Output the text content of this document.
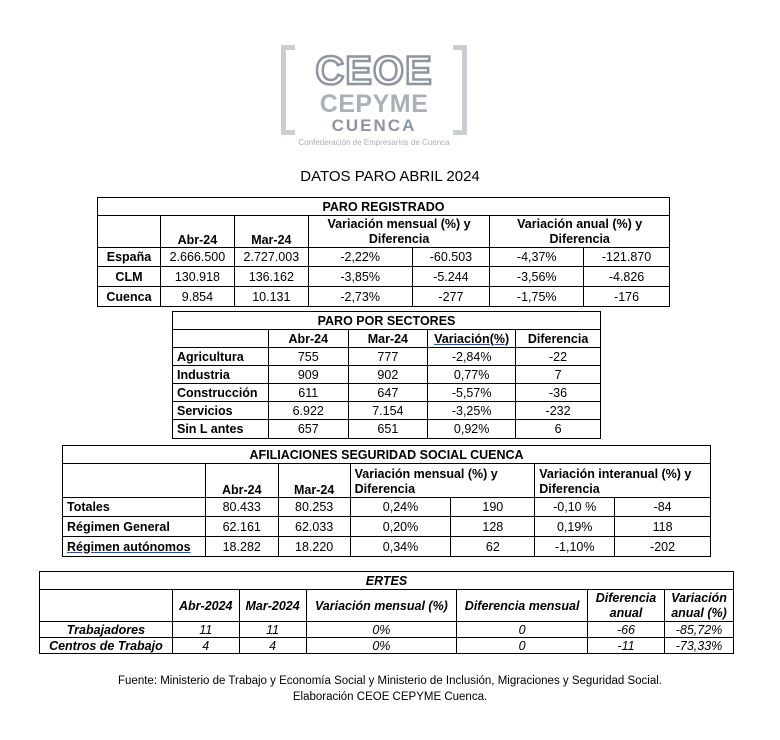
CEOE
CEPYME
CUENCA
Confederación de Empresarios de Cuenca
DATOS PARO ABRIL 2024
PARO REGISTRADO						
	Abr-24	Mar-24	Variación mensual (%) y Diferencia		Variación anual (%) y Diferencia	
España	2.666.500	2.727.003	-2,22%	-60.503	-4,37%	-121.870
CLM	130.918	136.162	-3,85%	-5.244	-3,56%	-4.826
Cuenca	9.854	10.131	-2,73%	-277	-1,75%	-176
PARO POR SECTORES				
	Abr-24	Mar-24	Variación(%)	Diferencia
Agricultura	755	777	-2,84%	-22
Industria	909	902	0,77%	7
Construcción	611	647	-5,57%	-36
Servicios	6.922	7.154	-3,25%	-232
Sin L antes	657	651	0,92%	6
AFILIACIONES SEGURIDAD SOCIAL CUENCA						
	Abr-24	Mar-24	Variación mensual (%) y Diferencia		Variación interanual (%) y Diferencia	
Totales	80.433	80.253	0,24%	190	-0,10 %	-84
Régimen General	62.161	62.033	0,20%	128	0,19%	118
Régimen autónomos	18.282	18.220	0,34%	62	-1,10%	-202
ERTES						
	Abr-2024	Mar-2024	Variación mensual (%)	Diferencia mensual	Diferencia anual	Variación anual (%)
Trabajadores	11	11	0%	0	-66	-85,72%
Centros de Trabajo	4	4	0%	0	-11	-73,33%
Fuente: Ministerio de Trabajo y Economía Social y Ministerio de Inclusión, Migraciones y Seguridad Social. Elaboración CEOE CEPYME Cuenca.
